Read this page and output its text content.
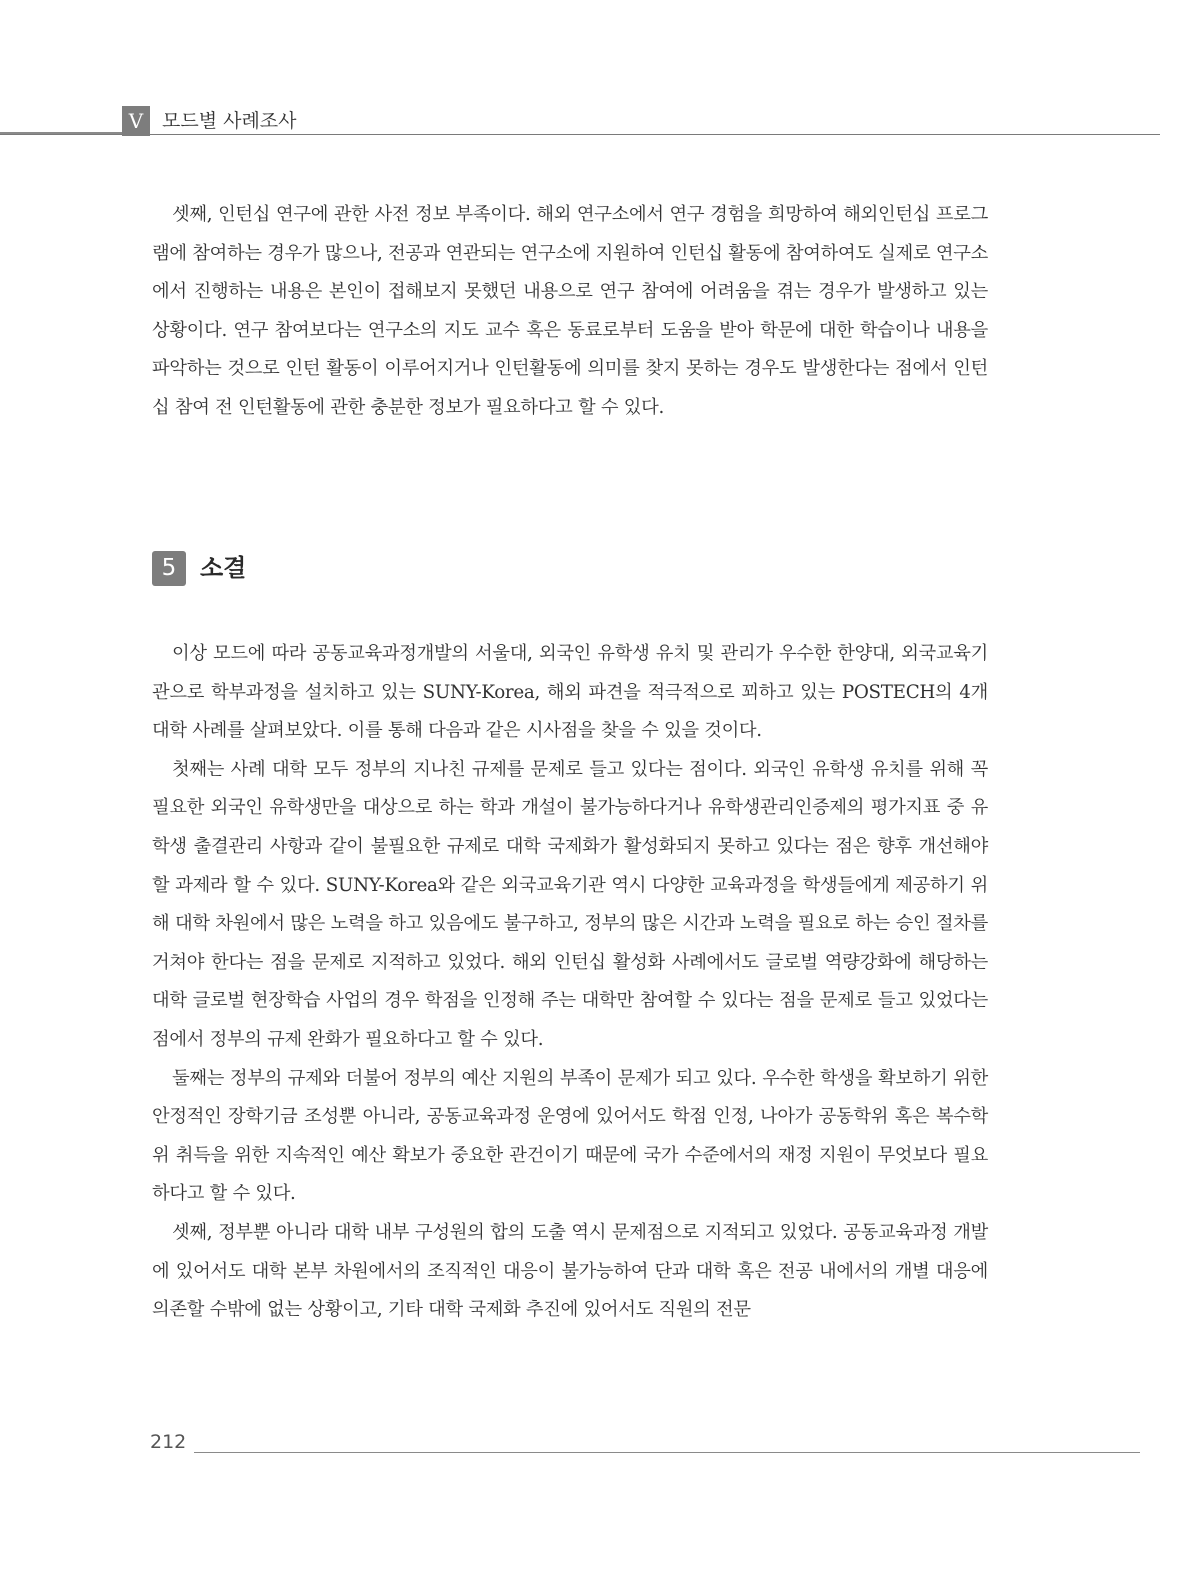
V 모드별 사례조사

셋째, 인턴십 연구에 관한 사전 정보 부족이다. 해외 연구소에서 연구 경험을 희망하여 해외인턴십 프로그램에 참여하는 경우가 많으나, 전공과 연관되는 연구소에 지원하여 인턴십 활동에 참여하여도 실제로 연구소에서 진행하는 내용은 본인이 접해보지 못했던 내용으로 연구 참여에 어려움을 겪는 경우가 발생하고 있는 상황이다. 연구 참여보다는 연구소의 지도 교수 혹은 동료로부터 도움을 받아 학문에 대한 학습이나 내용을 파악하는 것으로 인턴 활동이 이루어지거나 인턴활동에 의미를 찾지 못하는 경우도 발생한다는 점에서 인턴십 참여 전 인턴활동에 관한 충분한 정보가 필요하다고 할 수 있다.

5 소결

이상 모드에 따라 공동교육과정개발의 서울대, 외국인 유학생 유치 및 관리가 우수한 한양대, 외국교육기관으로 학부과정을 설치하고 있는 SUNY-Korea, 해외 파견을 적극적으로 꾀하고 있는 POSTECH의 4개 대학 사례를 살펴보았다. 이를 통해 다음과 같은 시사점을 찾을 수 있을 것이다.

첫째는 사례 대학 모두 정부의 지나친 규제를 문제로 들고 있다는 점이다. 외국인 유학생 유치를 위해 꼭 필요한 외국인 유학생만을 대상으로 하는 학과 개설이 불가능하다거나 유학생관리인증제의 평가지표 중 유학생 출결관리 사항과 같이 불필요한 규제로 대학 국제화가 활성화되지 못하고 있다는 점은 향후 개선해야 할 과제라 할 수 있다. SUNY-Korea와 같은 외국교육기관 역시 다양한 교육과정을 학생들에게 제공하기 위해 대학 차원에서 많은 노력을 하고 있음에도 불구하고, 정부의 많은 시간과 노력을 필요로 하는 승인 절차를 거쳐야 한다는 점을 문제로 지적하고 있었다. 해외 인턴십 활성화 사례에서도 글로벌 역량강화에 해당하는 대학 글로벌 현장학습 사업의 경우 학점을 인정해 주는 대학만 참여할 수 있다는 점을 문제로 들고 있었다는 점에서 정부의 규제 완화가 필요하다고 할 수 있다.

둘째는 정부의 규제와 더불어 정부의 예산 지원의 부족이 문제가 되고 있다. 우수한 학생을 확보하기 위한 안정적인 장학기금 조성뿐 아니라, 공동교육과정 운영에 있어서도 학점 인정, 나아가 공동학위 혹은 복수학위 취득을 위한 지속적인 예산 확보가 중요한 관건이기 때문에 국가 수준에서의 재정 지원이 무엇보다 필요하다고 할 수 있다.

셋째, 정부뿐 아니라 대학 내부 구성원의 합의 도출 역시 문제점으로 지적되고 있었다. 공동교육과정 개발에 있어서도 대학 본부 차원에서의 조직적인 대응이 불가능하여 단과 대학 혹은 전공 내에서의 개별 대응에 의존할 수밖에 없는 상황이고, 기타 대학 국제화 추진에 있어서도 직원의 전문

212
